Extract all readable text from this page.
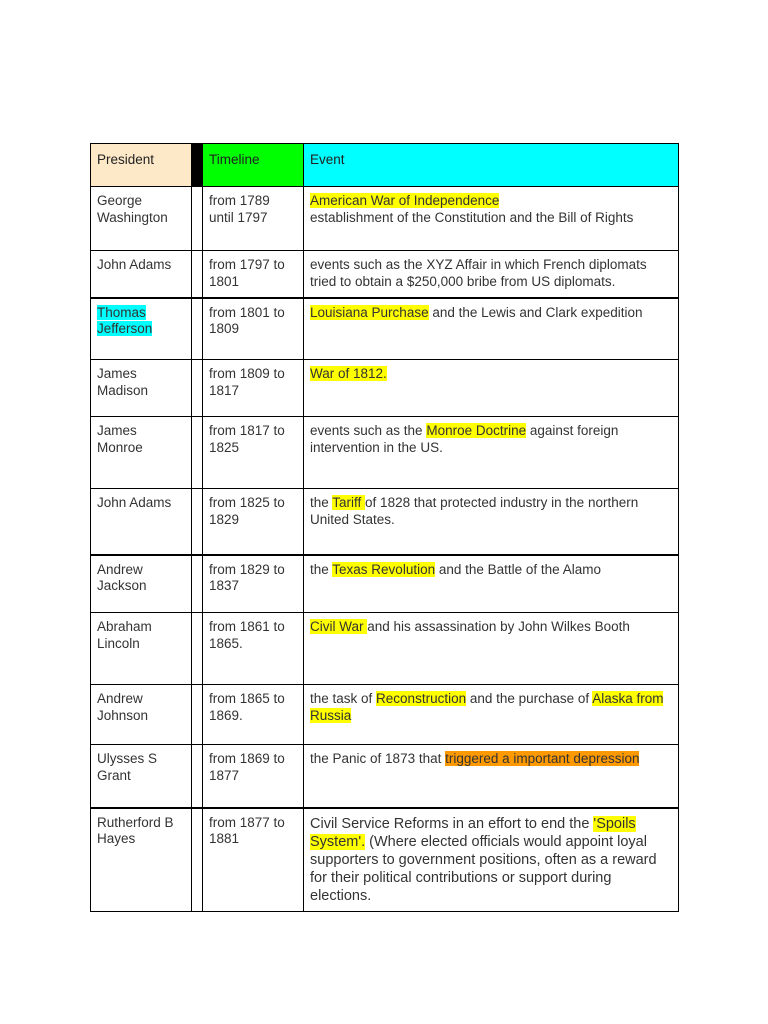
President		Timeline	Event
George Washington		from 1789 until 1797	American War of Independence
establishment of the Constitution and the Bill of Rights
John Adams		from 1797 to 1801	events such as the XYZ Affair in which French diplomats tried to obtain a $250,000 bribe from US diplomats.
Thomas Jefferson		from 1801 to 1809	Louisiana Purchase and the Lewis and Clark expedition
James Madison		from 1809 to 1817	War of 1812.
James Monroe		from 1817 to 1825	events such as the Monroe Doctrine against foreign intervention in the US.
John Adams		from 1825 to 1829	the Tariff of 1828 that protected industry in the northern United States.
Andrew Jackson		from 1829 to 1837	the Texas Revolution and the Battle of the Alamo
Abraham Lincoln		from 1861 to 1865.	Civil War and his assassination by John Wilkes Booth
Andrew Johnson		from 1865 to 1869.	the task of Reconstruction and the purchase of Alaska from Russia
Ulysses S Grant		from 1869 to 1877	the Panic of 1873 that triggered a important depression
Rutherford B Hayes		from 1877 to 1881	Civil Service Reforms in an effort to end the 'Spoils System'. (Where elected officials would appoint loyal supporters to government positions, often as a reward for their political contributions or support during elections.
